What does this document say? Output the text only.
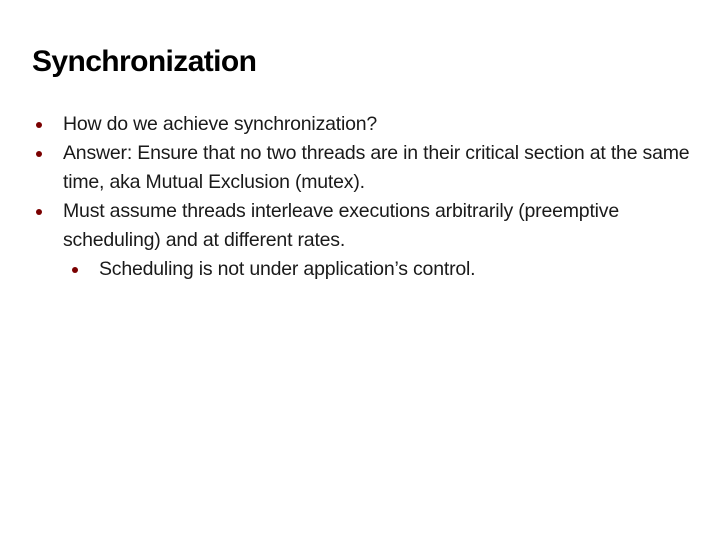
Synchronization
How do we achieve synchronization?
Answer: Ensure that no two threads are in their critical section at the same time, aka Mutual Exclusion (mutex).
Must assume threads interleave executions arbitrarily (preemptive scheduling) and at different rates.
Scheduling is not under application’s control.
